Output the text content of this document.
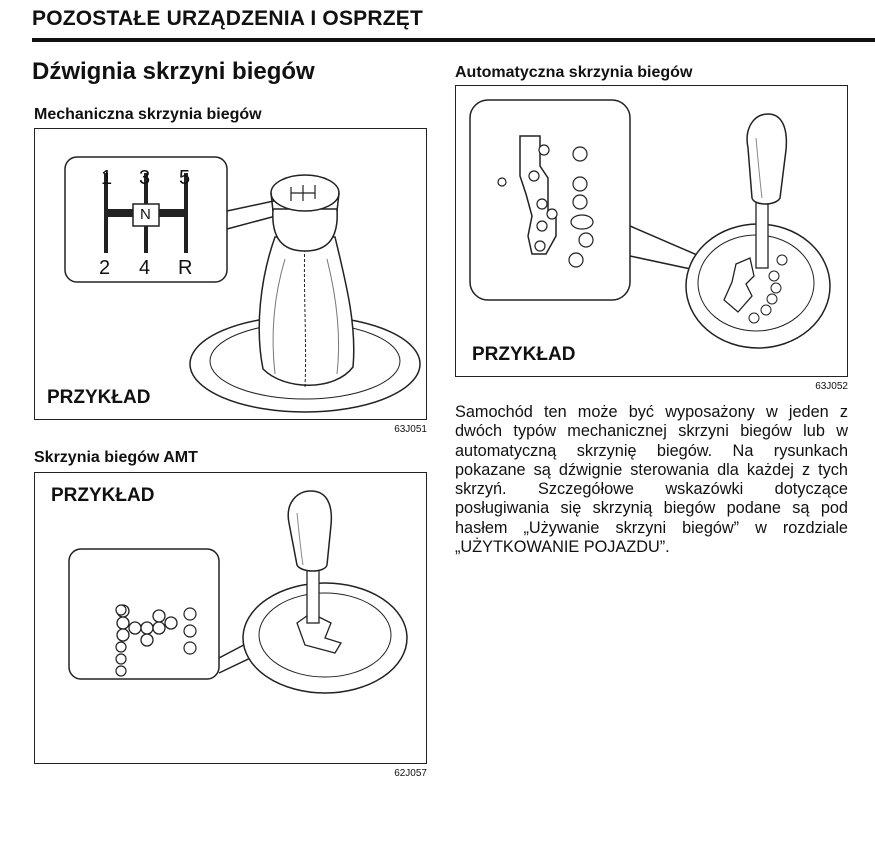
POZOSTAŁE URZĄDZENIA I OSPRZĘT
Dźwignia skrzyni biegów
Mechaniczna skrzynia biegów
1 3 5
2 4 R
N
PRZYKŁAD
63J051
Skrzynia biegów AMT
PRZYKŁAD
62J057
Automatyczna skrzynia biegów
PRZYKŁAD
63J052

Samochód ten może być wyposażony w jeden z dwóch typów mechanicznej skrzyni biegów lub w automatyczną skrzynię biegów. Na rysunkach pokazane są dźwignie sterowania dla każdej z tych skrzyń. Szczegółowe wskazówki dotyczące posługiwania się skrzynią biegów podane są pod hasłem „Używanie skrzyni biegów” w rozdziale „UŻYTKOWANIE POJAZDU”.
